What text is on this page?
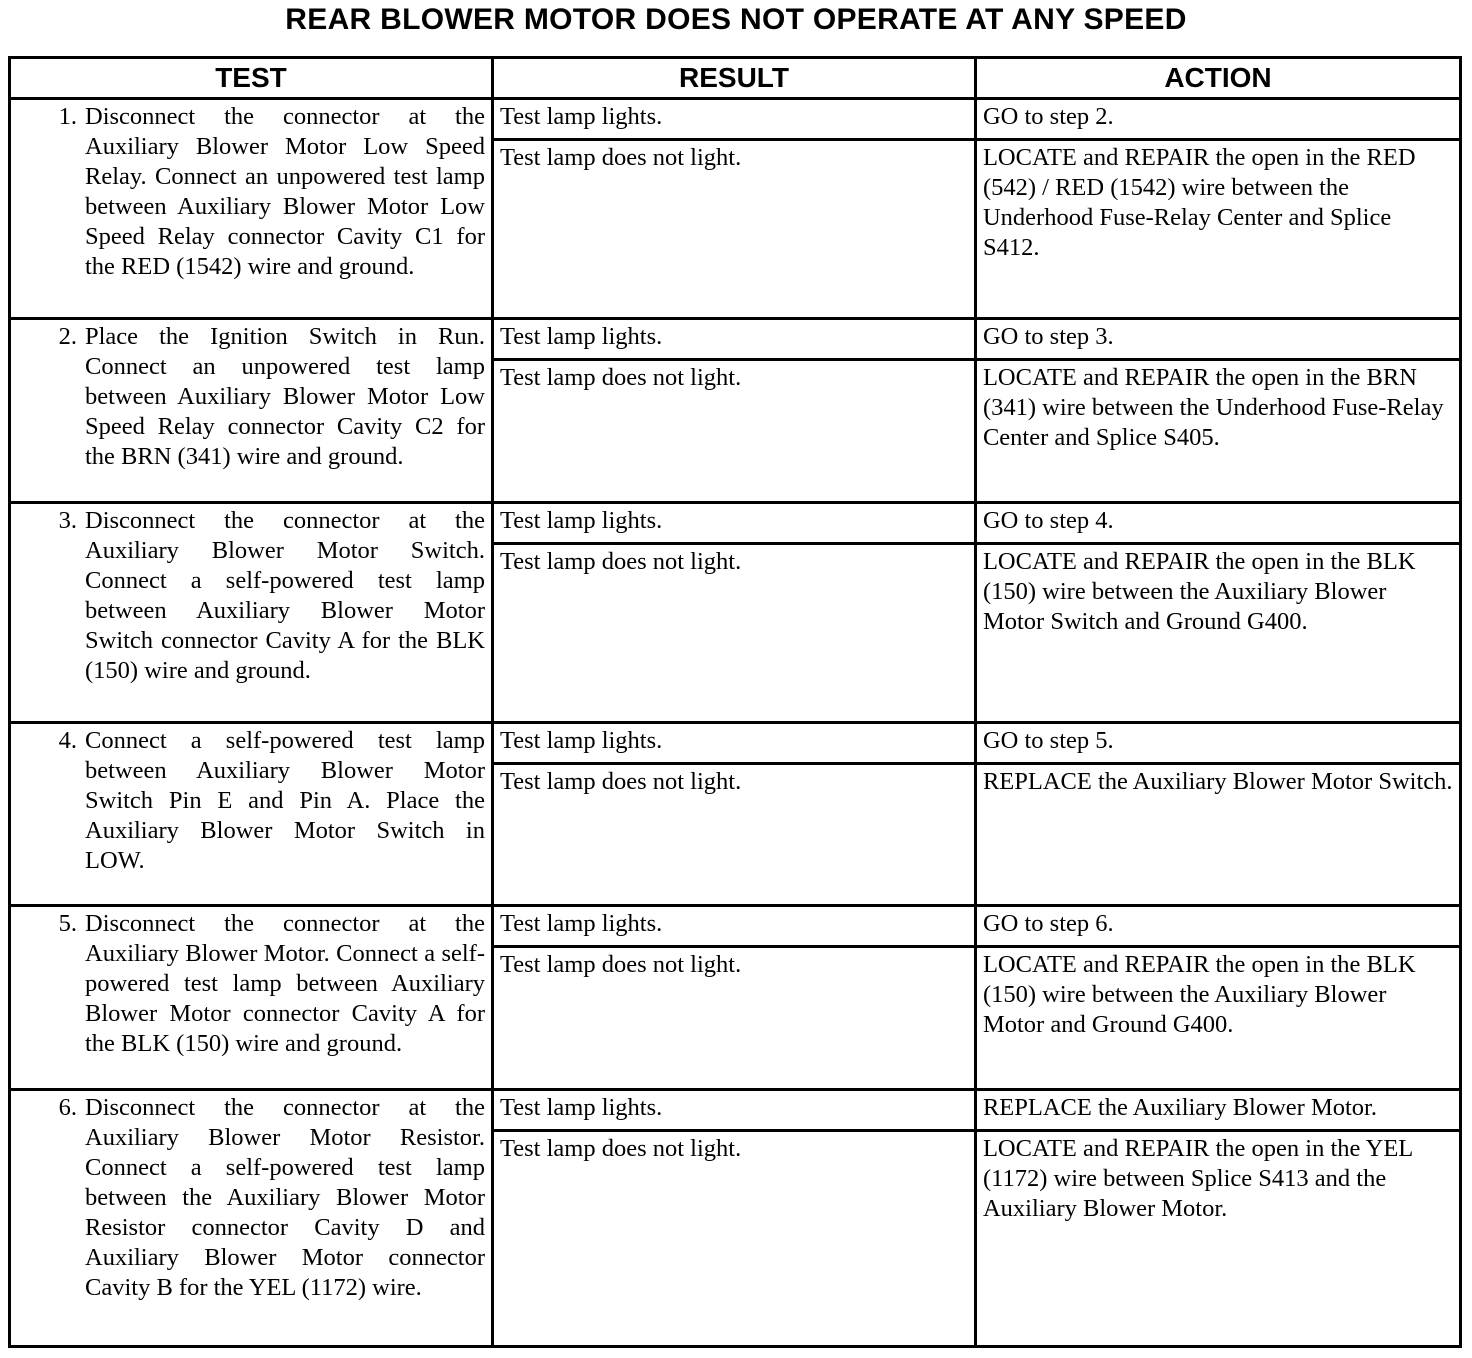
REAR BLOWER MOTOR DOES NOT OPERATE AT ANY SPEED
TEST	RESULT	ACTION

1. Disconnect the connector at the Auxiliary Blower Motor Low Speed Relay. Connect an unpowered test lamp between Auxiliary Blower Motor Low Speed Relay connector Cavity C1 for the RED (1542) wire and ground.	Test lamp lights.	GO to step 2.
	Test lamp does not light.	LOCATE and REPAIR the open in the RED (542) / RED (1542) wire between the Underhood Fuse-Relay Center and Splice S412.

2. Place the Ignition Switch in Run. Connect an unpowered test lamp between Auxiliary Blower Motor Low Speed Relay connector Cavity C2 for the BRN (341) wire and ground.	Test lamp lights.	GO to step 3.
	Test lamp does not light.	LOCATE and REPAIR the open in the BRN (341) wire between the Underhood Fuse-Relay Center and Splice S405.

3. Disconnect the connector at the Auxiliary Blower Motor Switch. Connect a self-powered test lamp between Auxiliary Blower Motor Switch connector Cavity A for the BLK (150) wire and ground.	Test lamp lights.	GO to step 4.
	Test lamp does not light.	LOCATE and REPAIR the open in the BLK (150) wire between the Auxiliary Blower Motor Switch and Ground G400.

4. Connect a self-powered test lamp between Auxiliary Blower Motor Switch Pin E and Pin A. Place the Auxiliary Blower Motor Switch in LOW.	Test lamp lights.	GO to step 5.
	Test lamp does not light.	REPLACE the Auxiliary Blower Motor Switch.

5. Disconnect the connector at the Auxiliary Blower Motor. Connect a self-powered test lamp between Auxiliary Blower Motor connector Cavity A for the BLK (150) wire and ground.	Test lamp lights.	GO to step 6.
	Test lamp does not light.	LOCATE and REPAIR the open in the BLK (150) wire between the Auxiliary Blower Motor and Ground G400.

6. Disconnect the connector at the Auxiliary Blower Motor Resistor. Connect a self-powered test lamp between the Auxiliary Blower Motor Resistor connector Cavity D and Auxiliary Blower Motor connector Cavity B for the YEL (1172) wire.	Test lamp lights.	REPLACE the Auxiliary Blower Motor.
	Test lamp does not light.	LOCATE and REPAIR the open in the YEL (1172) wire between Splice S413 and the Auxiliary Blower Motor.
